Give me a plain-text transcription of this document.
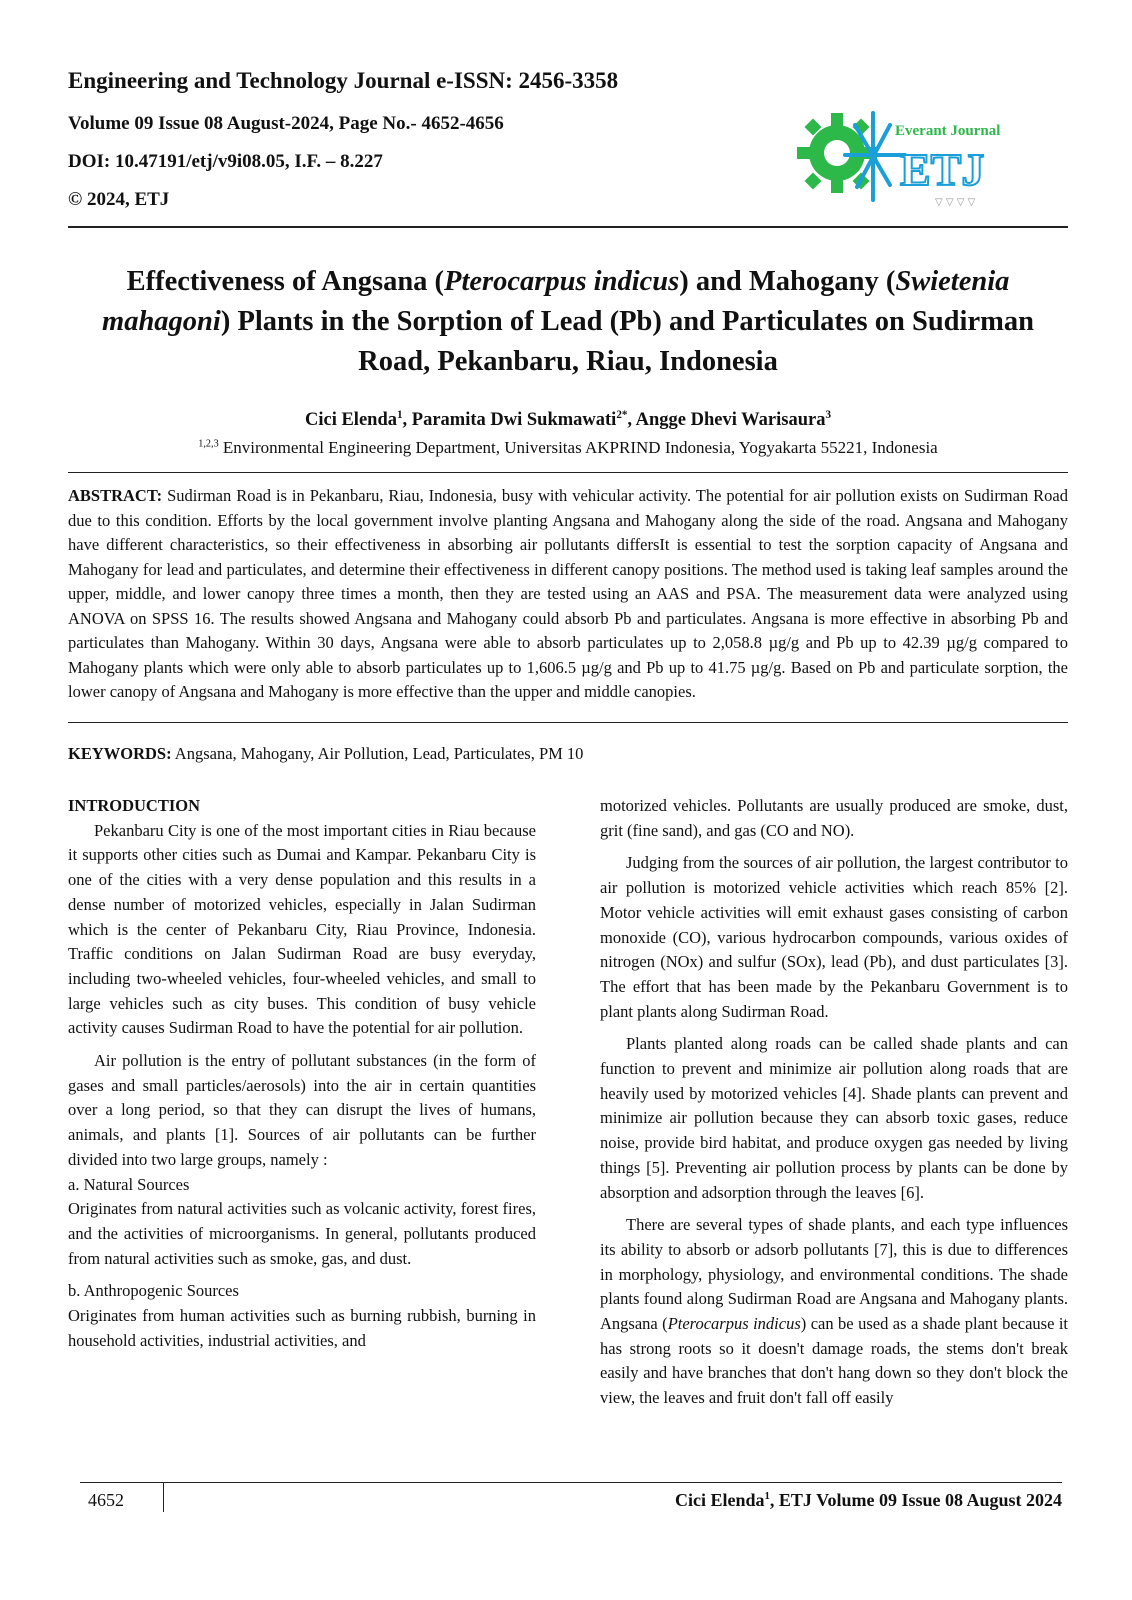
Engineering and Technology Journal e-ISSN: 2456-3358
Volume 09 Issue 08 August-2024, Page No.- 4652-4656
DOI: 10.47191/etj/v9i08.05, I.F. – 8.227
© 2024, ETJ
Everant Journal
ETJ
▽ ▽ ▽ ▽
Effectiveness of Angsana (Pterocarpus indicus) and Mahogany (Swietenia mahagoni) Plants in the Sorption of Lead (Pb) and Particulates on Sudirman Road, Pekanbaru, Riau, Indonesia
Cici Elenda$^1$, Paramita Dwi Sukmawati$^{2*}$, Angge Dhevi Warisaura$^3$
$^{1,2,3}$ Environmental Engineering Department, Universitas AKPRIND Indonesia, Yogyakarta 55221, Indonesia
ABSTRACT: Sudirman Road is in Pekanbaru, Riau, Indonesia, busy with vehicular activity. The potential for air pollution exists on Sudirman Road due to this condition. Efforts by the local government involve planting Angsana and Mahogany along the side of the road. Angsana and Mahogany have different characteristics, so their effectiveness in absorbing air pollutants differsIt is essential to test the sorption capacity of Angsana and Mahogany for lead and particulates, and determine their effectiveness in different canopy positions. The method used is taking leaf samples around the upper, middle, and lower canopy three times a month, then they are tested using an AAS and PSA. The measurement data were analyzed using ANOVA on SPSS 16. The results showed Angsana and Mahogany could absorb Pb and particulates. Angsana is more effective in absorbing Pb and particulates than Mahogany. Within 30 days, Angsana were able to absorb particulates up to 2,058.8 µg/g and Pb up to 42.39 µg/g compared to Mahogany plants which were only able to absorb particulates up to 1,606.5 µg/g and Pb up to 41.75 µg/g. Based on Pb and particulate sorption, the lower canopy of Angsana and Mahogany is more effective than the upper and middle canopies.
KEYWORDS: Angsana, Mahogany, Air Pollution, Lead, Particulates, PM 10

INTRODUCTION

Pekanbaru City is one of the most important cities in Riau because it supports other cities such as Dumai and Kampar. Pekanbaru City is one of the cities with a very dense population and this results in a dense number of motorized vehicles, especially in Jalan Sudirman which is the center of Pekanbaru City, Riau Province, Indonesia. Traffic conditions on Jalan Sudirman Road are busy everyday, including two-wheeled vehicles, four-wheeled vehicles, and small to large vehicles such as city buses. This condition of busy vehicle activity causes Sudirman Road to have the potential for air pollution.

Air pollution is the entry of pollutant substances (in the form of gases and small particles/aerosols) into the air in certain quantities over a long period, so that they can disrupt the lives of humans, animals, and plants [1]. Sources of air pollutants can be further divided into two large groups, namely :

a. Natural Sources

Originates from natural activities such as volcanic activity, forest fires, and the activities of microorganisms. In general, pollutants produced from natural activities such as smoke, gas, and dust.

b. Anthropogenic Sources

Originates from human activities such as burning rubbish, burning in household activities, industrial activities, and

motorized vehicles. Pollutants are usually produced are smoke, dust, grit (fine sand), and gas (CO and NO).

Judging from the sources of air pollution, the largest contributor to air pollution is motorized vehicle activities which reach 85% [2]. Motor vehicle activities will emit exhaust gases consisting of carbon monoxide (CO), various hydrocarbon compounds, various oxides of nitrogen (NOx) and sulfur (SOx), lead (Pb), and dust particulates [3]. The effort that has been made by the Pekanbaru Government is to plant plants along Sudirman Road.

Plants planted along roads can be called shade plants and can function to prevent and minimize air pollution along roads that are heavily used by motorized vehicles [4]. Shade plants can prevent and minimize air pollution because they can absorb toxic gases, reduce noise, provide bird habitat, and produce oxygen gas needed by living things [5]. Preventing air pollution process by plants can be done by absorption and adsorption through the leaves [6].

There are several types of shade plants, and each type influences its ability to absorb or adsorb pollutants [7], this is due to differences in morphology, physiology, and environmental conditions. The shade plants found along Sudirman Road are Angsana and Mahogany plants. Angsana (Pterocarpus indicus) can be used as a shade plant because it has strong roots so it doesn't damage roads, the stems don't break easily and have branches that don't hang down so they don't block the view, the leaves and fruit don't fall off easily

4652	Cici Elenda$^1$, ETJ Volume 09 Issue 08 August 2024
